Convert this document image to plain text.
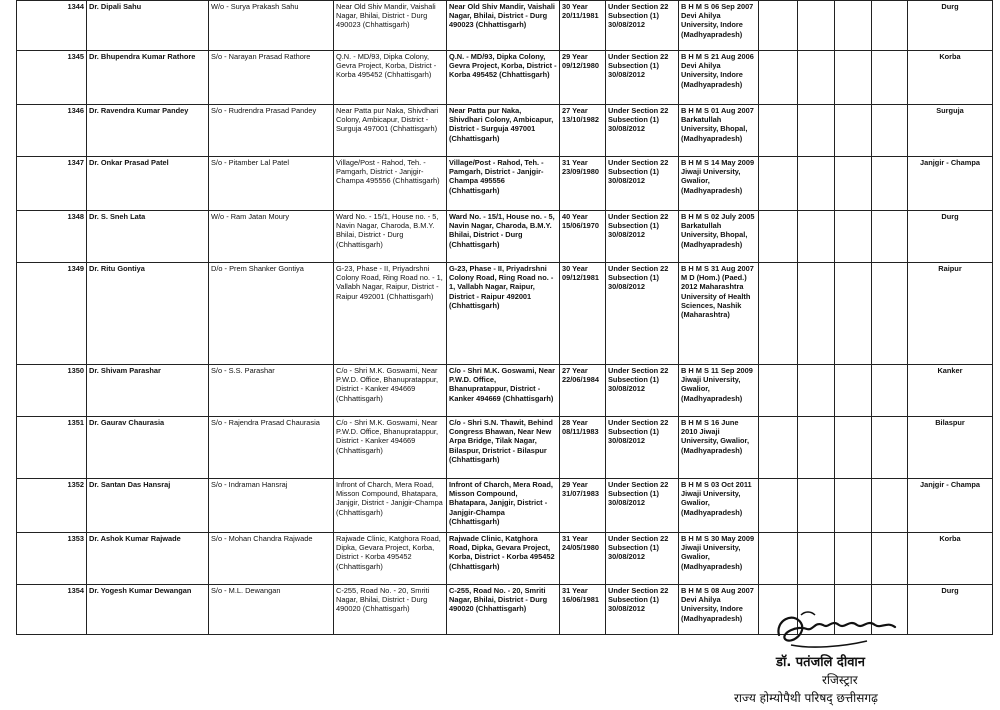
1344	Dr. Dipali Sahu	W/o - Surya Prakash Sahu	Near Old Shiv Mandir, Vaishali Nagar, Bhilai, District - Durg 490023 (Chhattisgarh)	Near Old Shiv Mandir, Vaishali Nagar, Bhilai, District - Durg 490023 (Chhattisgarh)	30 Year 20/11/1981	Under Section 22 Subsection (1) 30/08/2012	B H M S 06 Sep 2007 Devi Ahilya University, Indore (Madhyapradesh)					Durg
1345	Dr. Bhupendra Kumar Rathore	S/o - Narayan Prasad Rathore	Q.N. - MD/93, Dipka Colony, Gevra Project, Korba, District - Korba 495452 (Chhattisgarh)	Q.N. - MD/93, Dipka Colony, Gevra Project, Korba, District - Korba 495452 (Chhattisgarh)	29 Year 09/12/1980	Under Section 22 Subsection (1) 30/08/2012	B H M S 21 Aug 2006 Devi Ahilya University, Indore (Madhyapradesh)					Korba
1346	Dr. Ravendra Kumar Pandey	S/o - Rudrendra Prasad Pandey	Near Patta pur Naka, Shivdhari Colony, Ambicapur, District - Surguja 497001 (Chhattisgarh)	Near Patta pur Naka, Shivdhari Colony, Ambicapur, District - Surguja 497001 (Chhattisgarh)	27 Year 13/10/1982	Under Section 22 Subsection (1) 30/08/2012	B H M S 01 Aug 2007 Barkatullah University, Bhopal, (Madhyapradesh)					Surguja
1347	Dr. Onkar Prasad Patel	S/o - Pitamber Lal Patel	Village/Post - Rahod, Teh. - Pamgarh, District - Janjgir-Champa 495556 (Chhattisgarh)	Village/Post - Rahod, Teh. - Pamgarh, District - Janjgir-Champa 495556 (Chhattisgarh)	31 Year 23/09/1980	Under Section 22 Subsection (1) 30/08/2012	B H M S 14 May 2009 Jiwaji University, Gwalior, (Madhyapradesh)					Janjgir - Champa
1348	Dr. S. Sneh Lata	W/o - Ram Jatan Moury	Ward No. - 15/1, House no. - 5, Navin Nagar, Charoda, B.M.Y. Bhilai, District - Durg (Chhattisgarh)	Ward No. - 15/1, House no. - 5, Navin Nagar, Charoda, B.M.Y. Bhilai, District - Durg (Chhattisgarh)	40 Year 15/06/1970	Under Section 22 Subsection (1) 30/08/2012	B H M S 02 July 2005 Barkatullah University, Bhopal, (Madhyapradesh)					Durg
1349	Dr. Ritu Gontiya	D/o - Prem Shanker Gontiya	G-23, Phase - II, Priyadrshni Colony Road, Ring Road no. - 1, Vallabh Nagar, Raipur, District - Raipur 492001 (Chhattisgarh)	G-23, Phase - II, Priyadrshni Colony Road, Ring Road no. - 1, Vallabh Nagar, Raipur, District - Raipur 492001 (Chhattisgarh)	30 Year 09/12/1981	Under Section 22 Subsection (1) 30/08/2012	B H M S 31 Aug 2007 M D (Hom.) (Paed.) 2012 Maharashtra University of Health Sciences, Nashik (Maharashtra)					Raipur
1350	Dr. Shivam Parashar	S/o - S.S. Parashar	C/o - Shri M.K. Goswami, Near P.W.D. Office, Bhanupratappur, District - Kanker 494669 (Chhattisgarh)	C/o - Shri M.K. Goswami, Near P.W.D. Office, Bhanupratappur, District - Kanker 494669 (Chhattisgarh)	27 Year 22/06/1984	Under Section 22 Subsection (1) 30/08/2012	B H M S 11 Sep 2009 Jiwaji University, Gwalior, (Madhyapradesh)					Kanker
1351	Dr. Gaurav Chaurasia	S/o - Rajendra Prasad Chaurasia	C/o - Shri M.K. Goswami, Near P.W.D. Office, Bhanupratappur, District - Kanker 494669 (Chhattisgarh)	C/o - Shri S.N. Thawit, Behind Congress Bhawan, Near New Arpa Bridge, Tilak Nagar, Bilaspur, Dristrict - Bilaspur (Chhattisgarh)	28 Year 08/11/1983	Under Section 22 Subsection (1) 30/08/2012	B H M S 16 June 2010 Jiwaji University, Gwalior, (Madhyapradesh)					Bilaspur
1352	Dr. Santan Das Hansraj	S/o - Indraman Hansraj	Infront of Charch, Mera Road, Misson Compound, Bhatapara, Janjgir, District - Janjgir-Champa (Chhattisgarh)	Infront of Charch, Mera Road, Misson Compound, Bhatapara, Janjgir, District - Janjgir-Champa (Chhattisgarh)	29 Year 31/07/1983	Under Section 22 Subsection (1) 30/08/2012	B H M S 03 Oct 2011 Jiwaji University, Gwalior, (Madhyapradesh)					Janjgir - Champa
1353	Dr. Ashok Kumar Rajwade	S/o - Mohan Chandra Rajwade	Rajwade Clinic, Katghora Road, Dipka, Gevara Project, Korba, District - Korba 495452 (Chhattisgarh)	Rajwade Clinic, Katghora Road, Dipka, Gevara Project, Korba, District - Korba 495452 (Chhattisgarh)	31 Year 24/05/1980	Under Section 22 Subsection (1) 30/08/2012	B H M S 30 May 2009 Jiwaji University, Gwalior, (Madhyapradesh)					Korba
1354	Dr. Yogesh Kumar Dewangan	S/o - M.L. Dewangan	C-255, Road No. - 20, Smriti Nagar, Bhilai, District - Durg 490020 (Chhattisgarh)	C-255, Road No. - 20, Smriti Nagar, Bhilai, District - Durg 490020 (Chhattisgarh)	31 Year 16/06/1981	Under Section 22 Subsection (1) 30/08/2012	B H M S 08 Aug 2007 Devi Ahilya University, Indore (Madhyapradesh)					Durg
डॉ. पतंजलि दीवान
रजिस्ट्रार
राज्य होम्योपैथी परिषद् छत्तीसगढ़
